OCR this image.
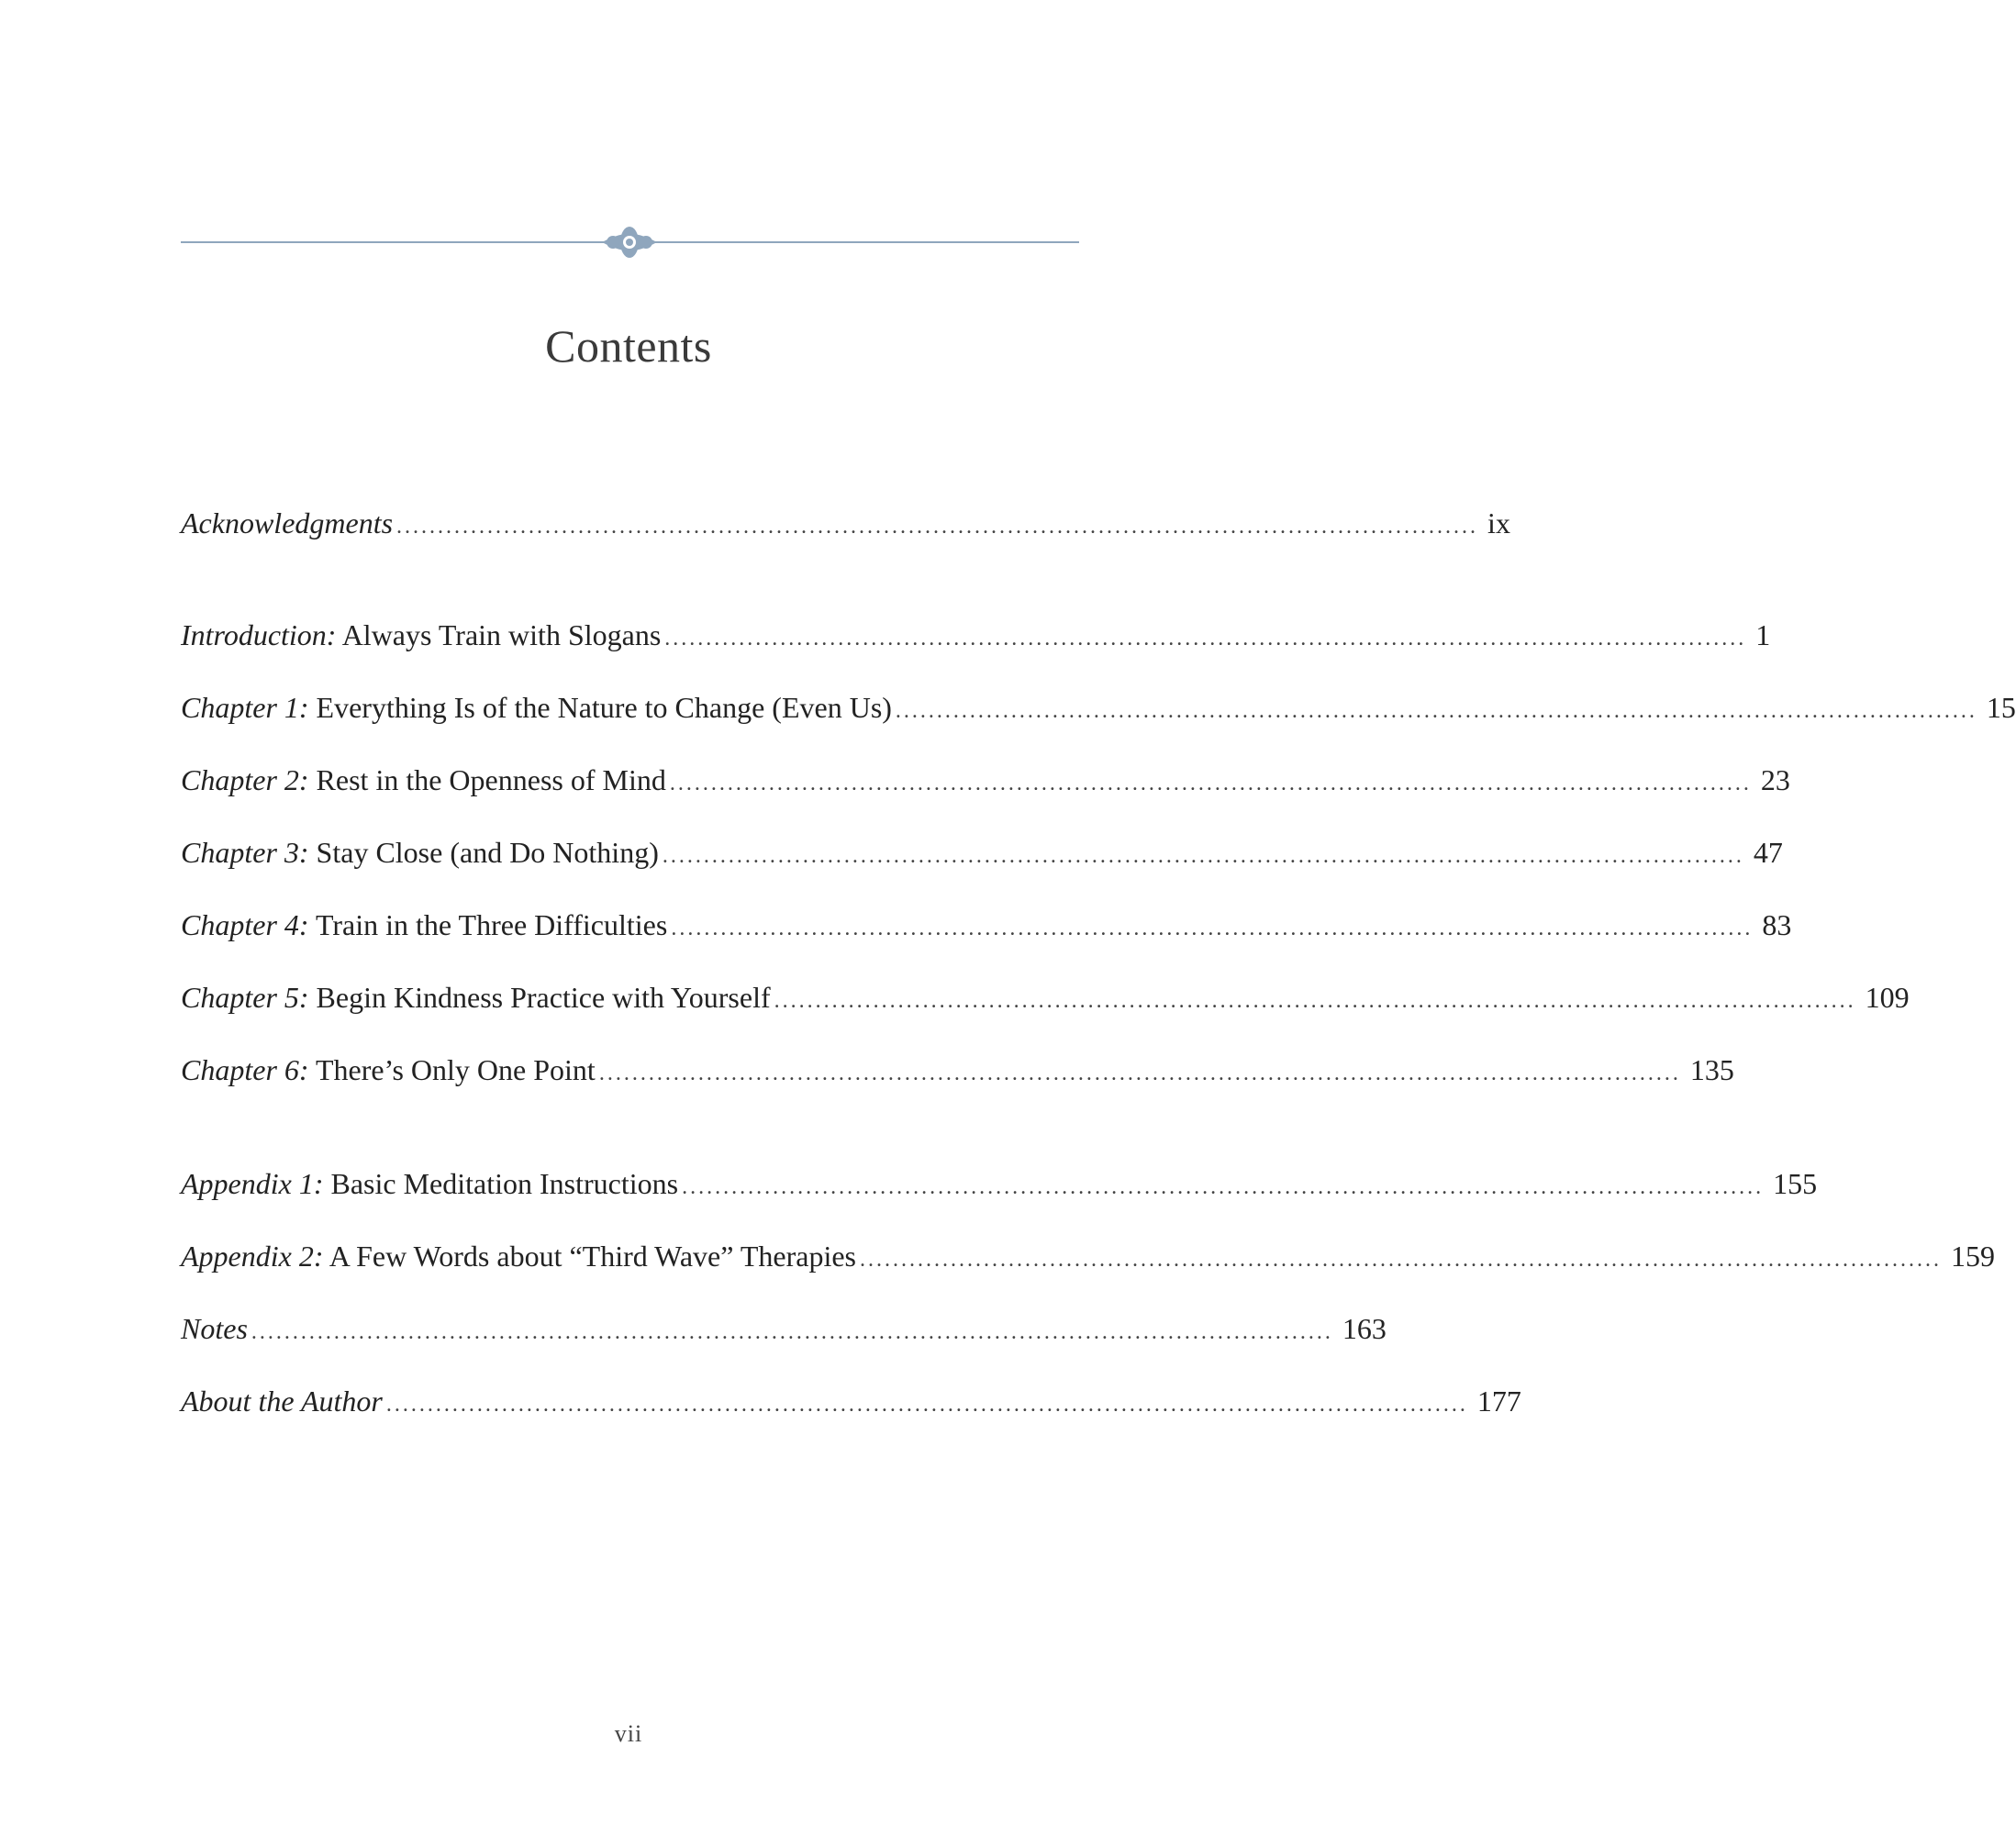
Contents
Acknowledgments ................................................................................................................................... ix
Introduction: Always Train with Slogans ................................................................................................................................... 1
Chapter 1: Everything Is of the Nature to Change (Even Us) ................................................................................................................................... 15
Chapter 2: Rest in the Openness of Mind ................................................................................................................................... 23
Chapter 3: Stay Close (and Do Nothing) ................................................................................................................................... 47
Chapter 4: Train in the Three Difficulties ................................................................................................................................... 83
Chapter 5: Begin Kindness Practice with Yourself ................................................................................................................................... 109
Chapter 6: There’s Only One Point ................................................................................................................................... 135
Appendix 1: Basic Meditation Instructions ................................................................................................................................... 155
Appendix 2: A Few Words about “Third Wave” Therapies ................................................................................................................................... 159
Notes ................................................................................................................................... 163
About the Author ................................................................................................................................... 177
vii
